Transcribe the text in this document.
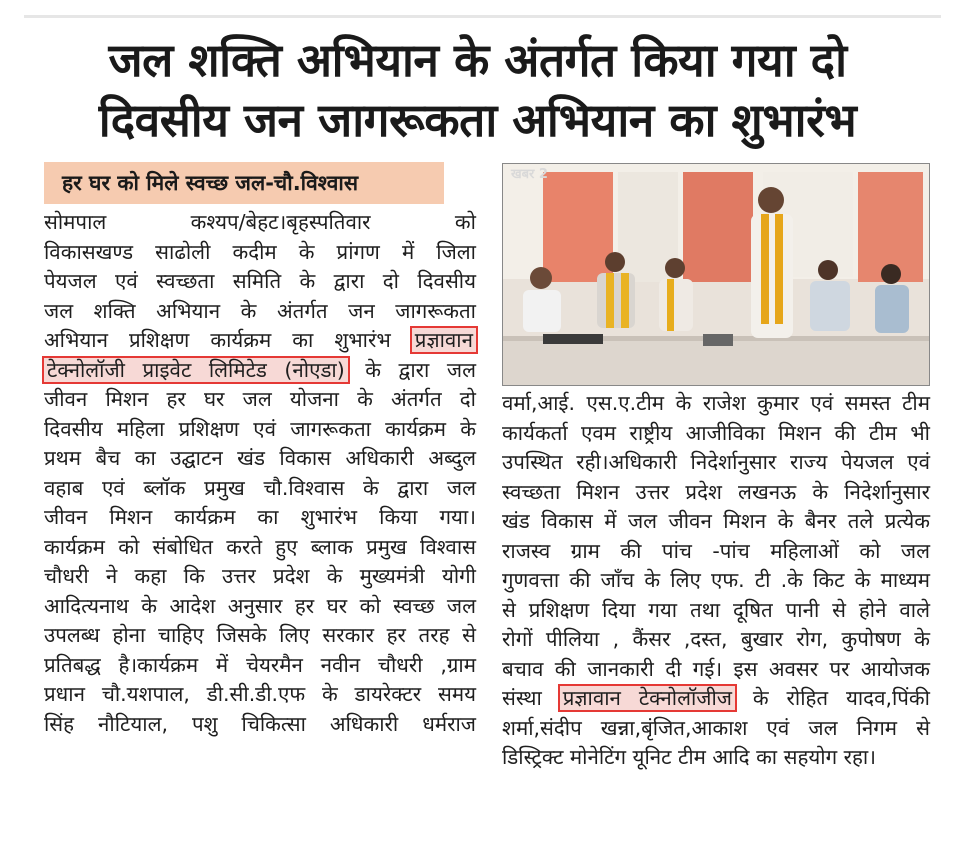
जल शक्ति अभियान के अंतर्गत किया गया दो
दिवसीय जन जागरूकता अभियान का शुभारंभ
हर घर को मिले स्वच्छ जल-चौ.विश्वास

सोमपाल कश्यप/बेहट।बृहस्पतिवार को

विकासखण्ड साढोली कदीम के प्रांगण में जिला

पेयजल एवं स्वच्छता समिति के द्वारा दो दिवसीय

जल शक्ति अभियान के अंतर्गत जन जागरूकता

अभियान प्रशिक्षण कार्यक्रम का शुभारंभ प्रज्ञावान

टेक्नोलॉजी प्राइवेट लिमिटेड (नोएडा) के द्वारा जल

जीवन मिशन हर घर जल योजना के अंतर्गत दो

दिवसीय महिला प्रशिक्षण एवं जागरूकता कार्यक्रम के

प्रथम बैच का उद्घाटन खंड विकास अधिकारी अब्दुल

वहाब एवं ब्लॉक प्रमुख चौ.विश्वास के द्वारा जल

जीवन मिशन कार्यक्रम का शुभारंभ किया गया।

कार्यक्रम को संबोधित करते हुए ब्लाक प्रमुख विश्वास

चौधरी ने कहा कि उत्तर प्रदेश के मुख्यमंत्री योगी

आदित्यनाथ के आदेश अनुसार हर घर को स्वच्छ जल

उपलब्ध होना चाहिए जिसके लिए सरकार हर तरह से

प्रतिबद्ध है।कार्यक्रम में चेयरमैन नवीन चौधरी ,ग्राम

प्रधान चौ.यशपाल, डी.सी.डी.एफ के डायरेक्टर समय

सिंह नौटियाल, पशु चिकित्सा अधिकारी धर्मराज

खबर 2

वर्मा,आई. एस.ए.टीम के राजेश कुमार एवं समस्त टीम

कार्यकर्ता एवम राष्ट्रीय आजीविका मिशन की टीम भी

उपस्थित रही।अधिकारी निदेर्शानुसार राज्य पेयजल एवं

स्वच्छता मिशन उत्तर प्रदेश लखनऊ के निदेर्शानुसार

खंड विकास में जल जीवन मिशन के बैनर तले प्रत्येक

राजस्व ग्राम की पांच -पांच महिलाओं को जल

गुणवत्ता की जाँच के लिए एफ. टी .के किट के माध्यम

से प्रशिक्षण दिया गया तथा दूषित पानी से होने वाले

रोगों पीलिया , कैंसर ,दस्त, बुखार रोग, कुपोषण के

बचाव की जानकारी दी गई। इस अवसर पर आयोजक

संस्था प्रज्ञावान टेक्नोलॉजीज के रोहित यादव,पिंकी

शर्मा,संदीप खन्ना,बृंजित,आकाश एवं जल निगम से

डिस्ट्रिक्ट मोनेटिंग यूनिट टीम आदि का सहयोग रहा।
